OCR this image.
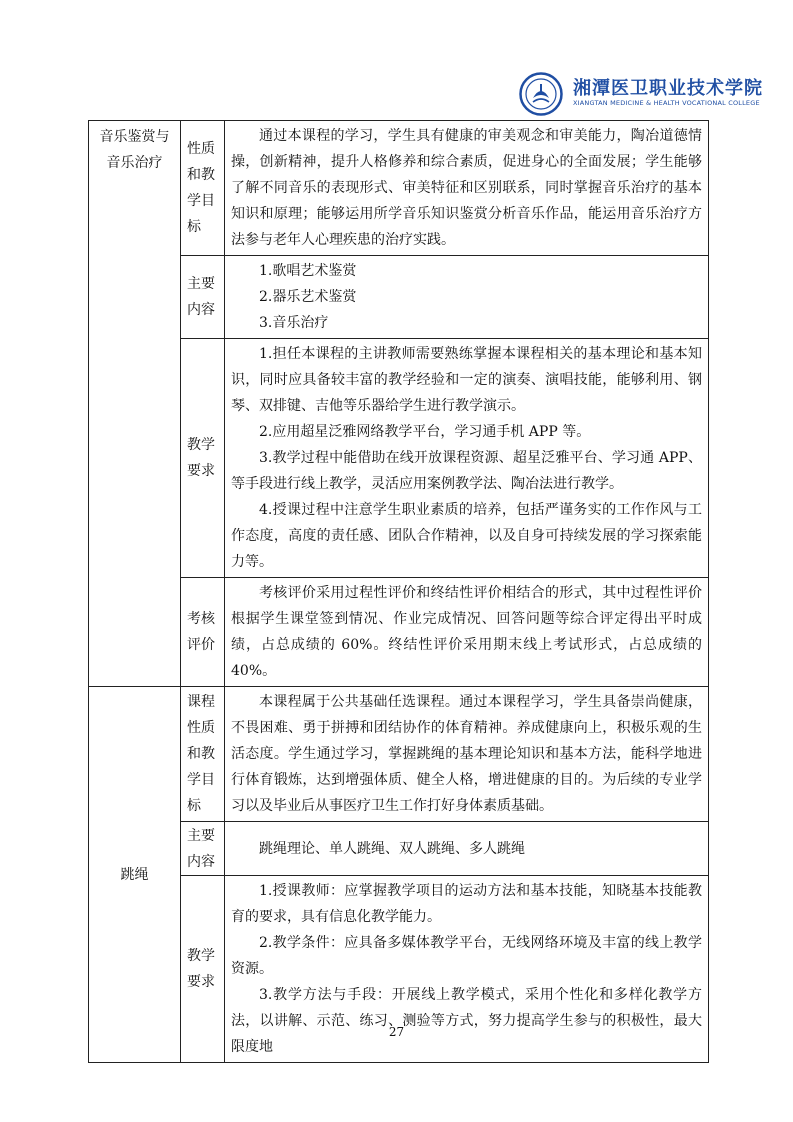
湘潭医卫职业技术学院
XIANGTAN MEDICINE & HEALTH VOCATIONAL COLLEGE
音乐鉴赏与音乐治疗	性质和教学目标	通过本课程的学习，学生具有健康的审美观念和审美能力，陶冶道德情操，创新精神，提升人格修养和综合素质，促进身心的全面发展；学生能够了解不同音乐的表现形式、审美特征和区别联系，同时掌握音乐治疗的基本知识和原理；能够运用所学音乐知识鉴赏分析音乐作品，能运用音乐治疗方法参与老年人心理疾患的治疗实践。

	主要内容	1.歌唱艺术鉴赏

2.器乐艺术鉴赏

3.音乐治疗

	教学要求	1.担任本课程的主讲教师需要熟练掌握本课程相关的基本理论和基本知识，同时应具备较丰富的教学经验和一定的演奏、演唱技能，能够利用、钢琴、双排键、吉他等乐器给学生进行教学演示。

2.应用超星泛雅网络教学平台，学习通手机 APP 等。

3.教学过程中能借助在线开放课程资源、超星泛雅平台、学习通 APP、等手段进行线上教学，灵活应用案例教学法、陶冶法进行教学。

4.授课过程中注意学生职业素质的培养，包括严谨务实的工作作风与工作态度，高度的责任感、团队合作精神，以及自身可持续发展的学习探索能力等。

	考核评价	考核评价采用过程性评价和终结性评价相结合的形式，其中过程性评价根据学生课堂签到情况、作业完成情况、回答问题等综合评定得出平时成绩，占总成绩的 60%。终结性评价采用期末线上考试形式，占总成绩的 40%。

跳绳	课程性质和教学目标	本课程属于公共基础任选课程。通过本课程学习，学生具备崇尚健康，不畏困难、勇于拼搏和团结协作的体育精神。养成健康向上，积极乐观的生活态度。学生通过学习，掌握跳绳的基本理论知识和基本方法，能科学地进行体育锻炼，达到增强体质、健全人格，增进健康的目的。为后续的专业学习以及毕业后从事医疗卫生工作打好身体素质基础。

	主要内容	跳绳理论、单人跳绳、双人跳绳、多人跳绳

	教学要求	1.授课教师：应掌握教学项目的运动方法和基本技能，知晓基本技能教育的要求，具有信息化教学能力。

2.教学条件：应具备多媒体教学平台，无线网络环境及丰富的线上教学资源。

3.教学方法与手段：开展线上教学模式，采用个性化和多样化教学方法，以讲解、示范、练习、测验等方式，努力提高学生参与的积极性，最大限度地

27
